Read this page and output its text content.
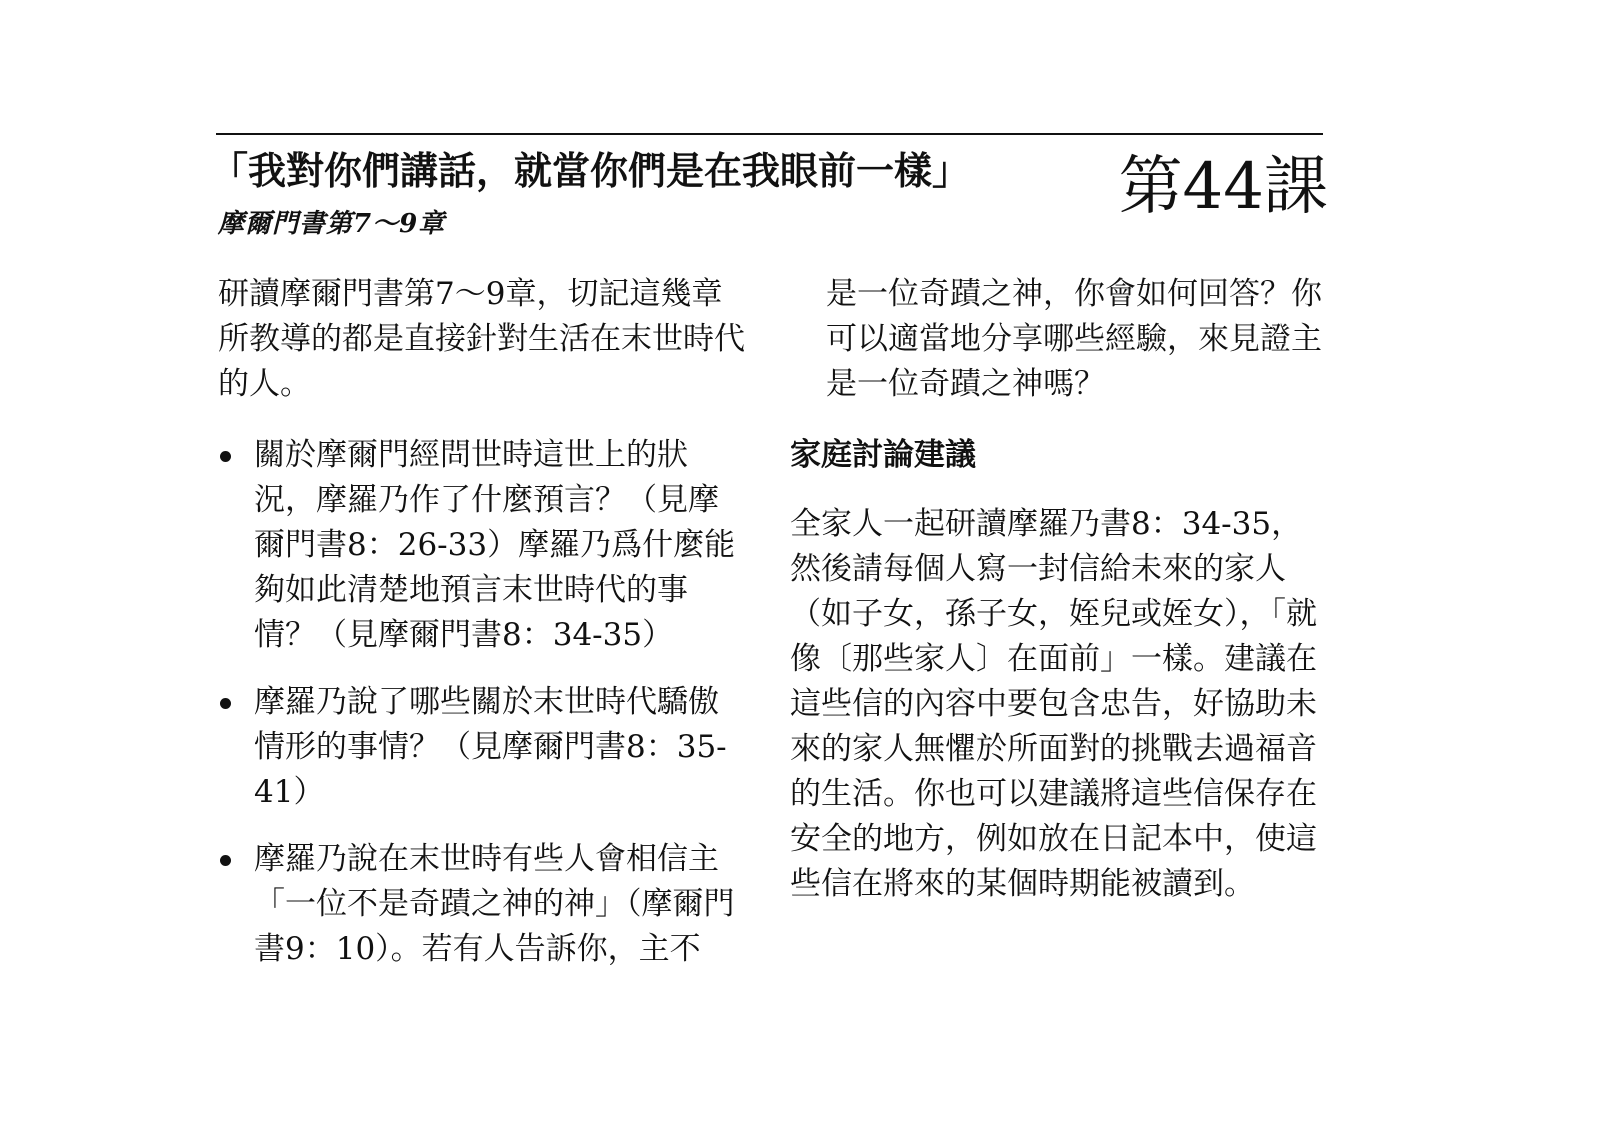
「我對你們講話，就當你們是在我眼前一樣」
摩爾門書第7～9章	第44課

研讀摩爾門書第7～9章，切記這幾章所教導的都是直接針對生活在末世時代的人。

關於摩爾門經問世時這世上的狀況，摩羅乃作了什麼預言？（見摩爾門書8：26-33）摩羅乃爲什麼能夠如此清楚地預言末世時代的事情？（見摩爾門書8：34-35）
摩羅乃說了哪些關於末世時代驕傲情形的事情？（見摩爾門書8：35-41）
摩羅乃說在末世時有些人會相信主「一位不是奇蹟之神的神」（摩爾門書9：10）。若有人告訴你，主不

是一位奇蹟之神，你會如何回答？你可以適當地分享哪些經驗，來見證主是一位奇蹟之神嗎？

家庭討論建議

全家人一起研讀摩羅乃書8：34-35，然後請每個人寫一封信給未來的家人（如子女，孫子女，姪兒或姪女），「就像〔那些家人〕在面前」一樣。建議在這些信的內容中要包含忠告，好協助未來的家人無懼於所面對的挑戰去過福音的生活。你也可以建議將這些信保存在安全的地方，例如放在日記本中，使這些信在將來的某個時期能被讀到。
